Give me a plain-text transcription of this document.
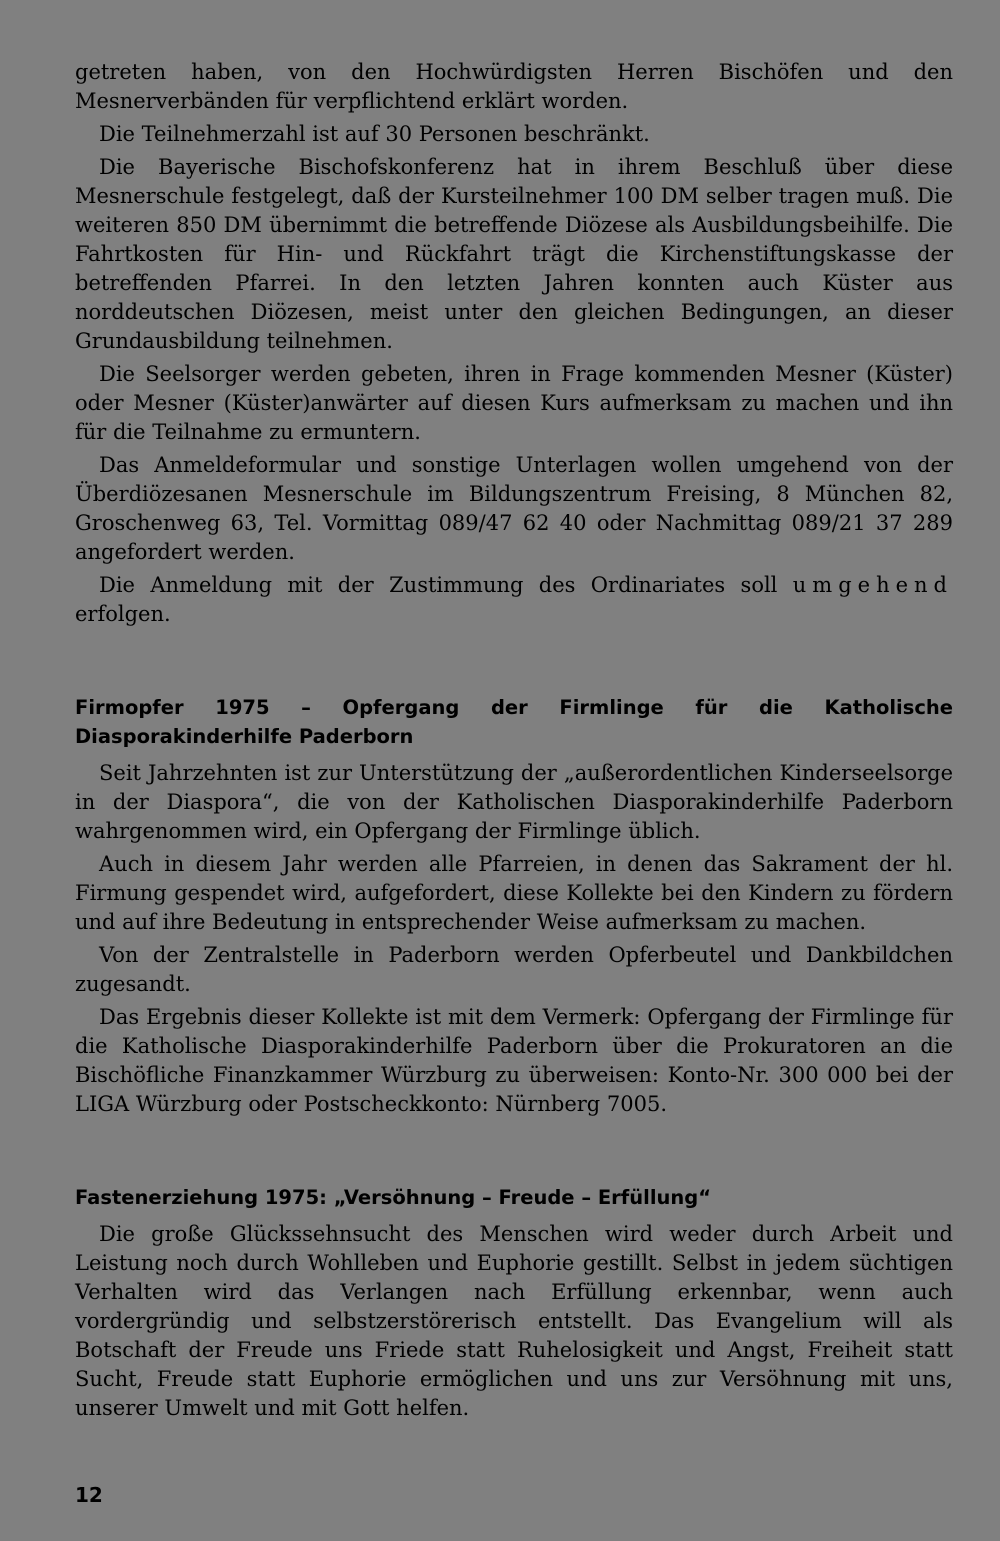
getreten haben, von den Hochwürdigsten Herren Bischöfen und den Mesnerverbänden für verpflichtend erklärt worden.

Die Teilnehmerzahl ist auf 30 Personen beschränkt.

Die Bayerische Bischofskonferenz hat in ihrem Beschluß über diese Mesnerschule festgelegt, daß der Kursteilnehmer 100 DM selber tragen muß. Die weiteren 850 DM übernimmt die betreffende Diözese als Ausbildungsbeihilfe. Die Fahrtkosten für Hin- und Rückfahrt trägt die Kirchenstiftungskasse der betreffenden Pfarrei. In den letzten Jahren konnten auch Küster aus norddeutschen Diözesen, meist unter den gleichen Bedingungen, an dieser Grundausbildung teilnehmen.

Die Seelsorger werden gebeten, ihren in Frage kommenden Mesner (Küster) oder Mesner (Küster)anwärter auf diesen Kurs aufmerksam zu machen und ihn für die Teilnahme zu ermuntern.

Das Anmeldeformular und sonstige Unterlagen wollen umgehend von der Überdiözesanen Mesnerschule im Bildungszentrum Freising, 8 München 82, Groschenweg 63, Tel. Vormittag 089/47 62 40 oder Nachmittag 089/21 37 289 angefordert werden.

Die Anmeldung mit der Zustimmung des Ordinariates soll umgehend erfolgen.

Firmopfer 1975 – Opfergang der Firmlinge für die Katholische Diasporakinderhilfe Paderborn

Seit Jahrzehnten ist zur Unterstützung der „außerordentlichen Kinderseelsorge in der Diaspora“, die von der Katholischen Diasporakinderhilfe Paderborn wahrgenommen wird, ein Opfergang der Firmlinge üblich.

Auch in diesem Jahr werden alle Pfarreien, in denen das Sakrament der hl. Firmung gespendet wird, aufgefordert, diese Kollekte bei den Kindern zu fördern und auf ihre Bedeutung in entsprechender Weise aufmerksam zu machen.

Von der Zentralstelle in Paderborn werden Opferbeutel und Dankbildchen zugesandt.

Das Ergebnis dieser Kollekte ist mit dem Vermerk: Opfergang der Firmlinge für die Katholische Diasporakinderhilfe Paderborn über die Prokuratoren an die Bischöfliche Finanzkammer Würzburg zu überweisen: Konto-Nr. 300 000 bei der LIGA Würzburg oder Postscheckkonto: Nürnberg 7005.

Fastenerziehung 1975: „Versöhnung – Freude – Erfüllung“

Die große Glückssehnsucht des Menschen wird weder durch Arbeit und Leistung noch durch Wohlleben und Euphorie gestillt. Selbst in jedem süchtigen Verhalten wird das Verlangen nach Erfüllung erkennbar, wenn auch vordergründig und selbstzerstörerisch entstellt. Das Evangelium will als Botschaft der Freude uns Friede statt Ruhelosigkeit und Angst, Freiheit statt Sucht, Freude statt Euphorie ermöglichen und uns zur Versöhnung mit uns, unserer Umwelt und mit Gott helfen.

12
